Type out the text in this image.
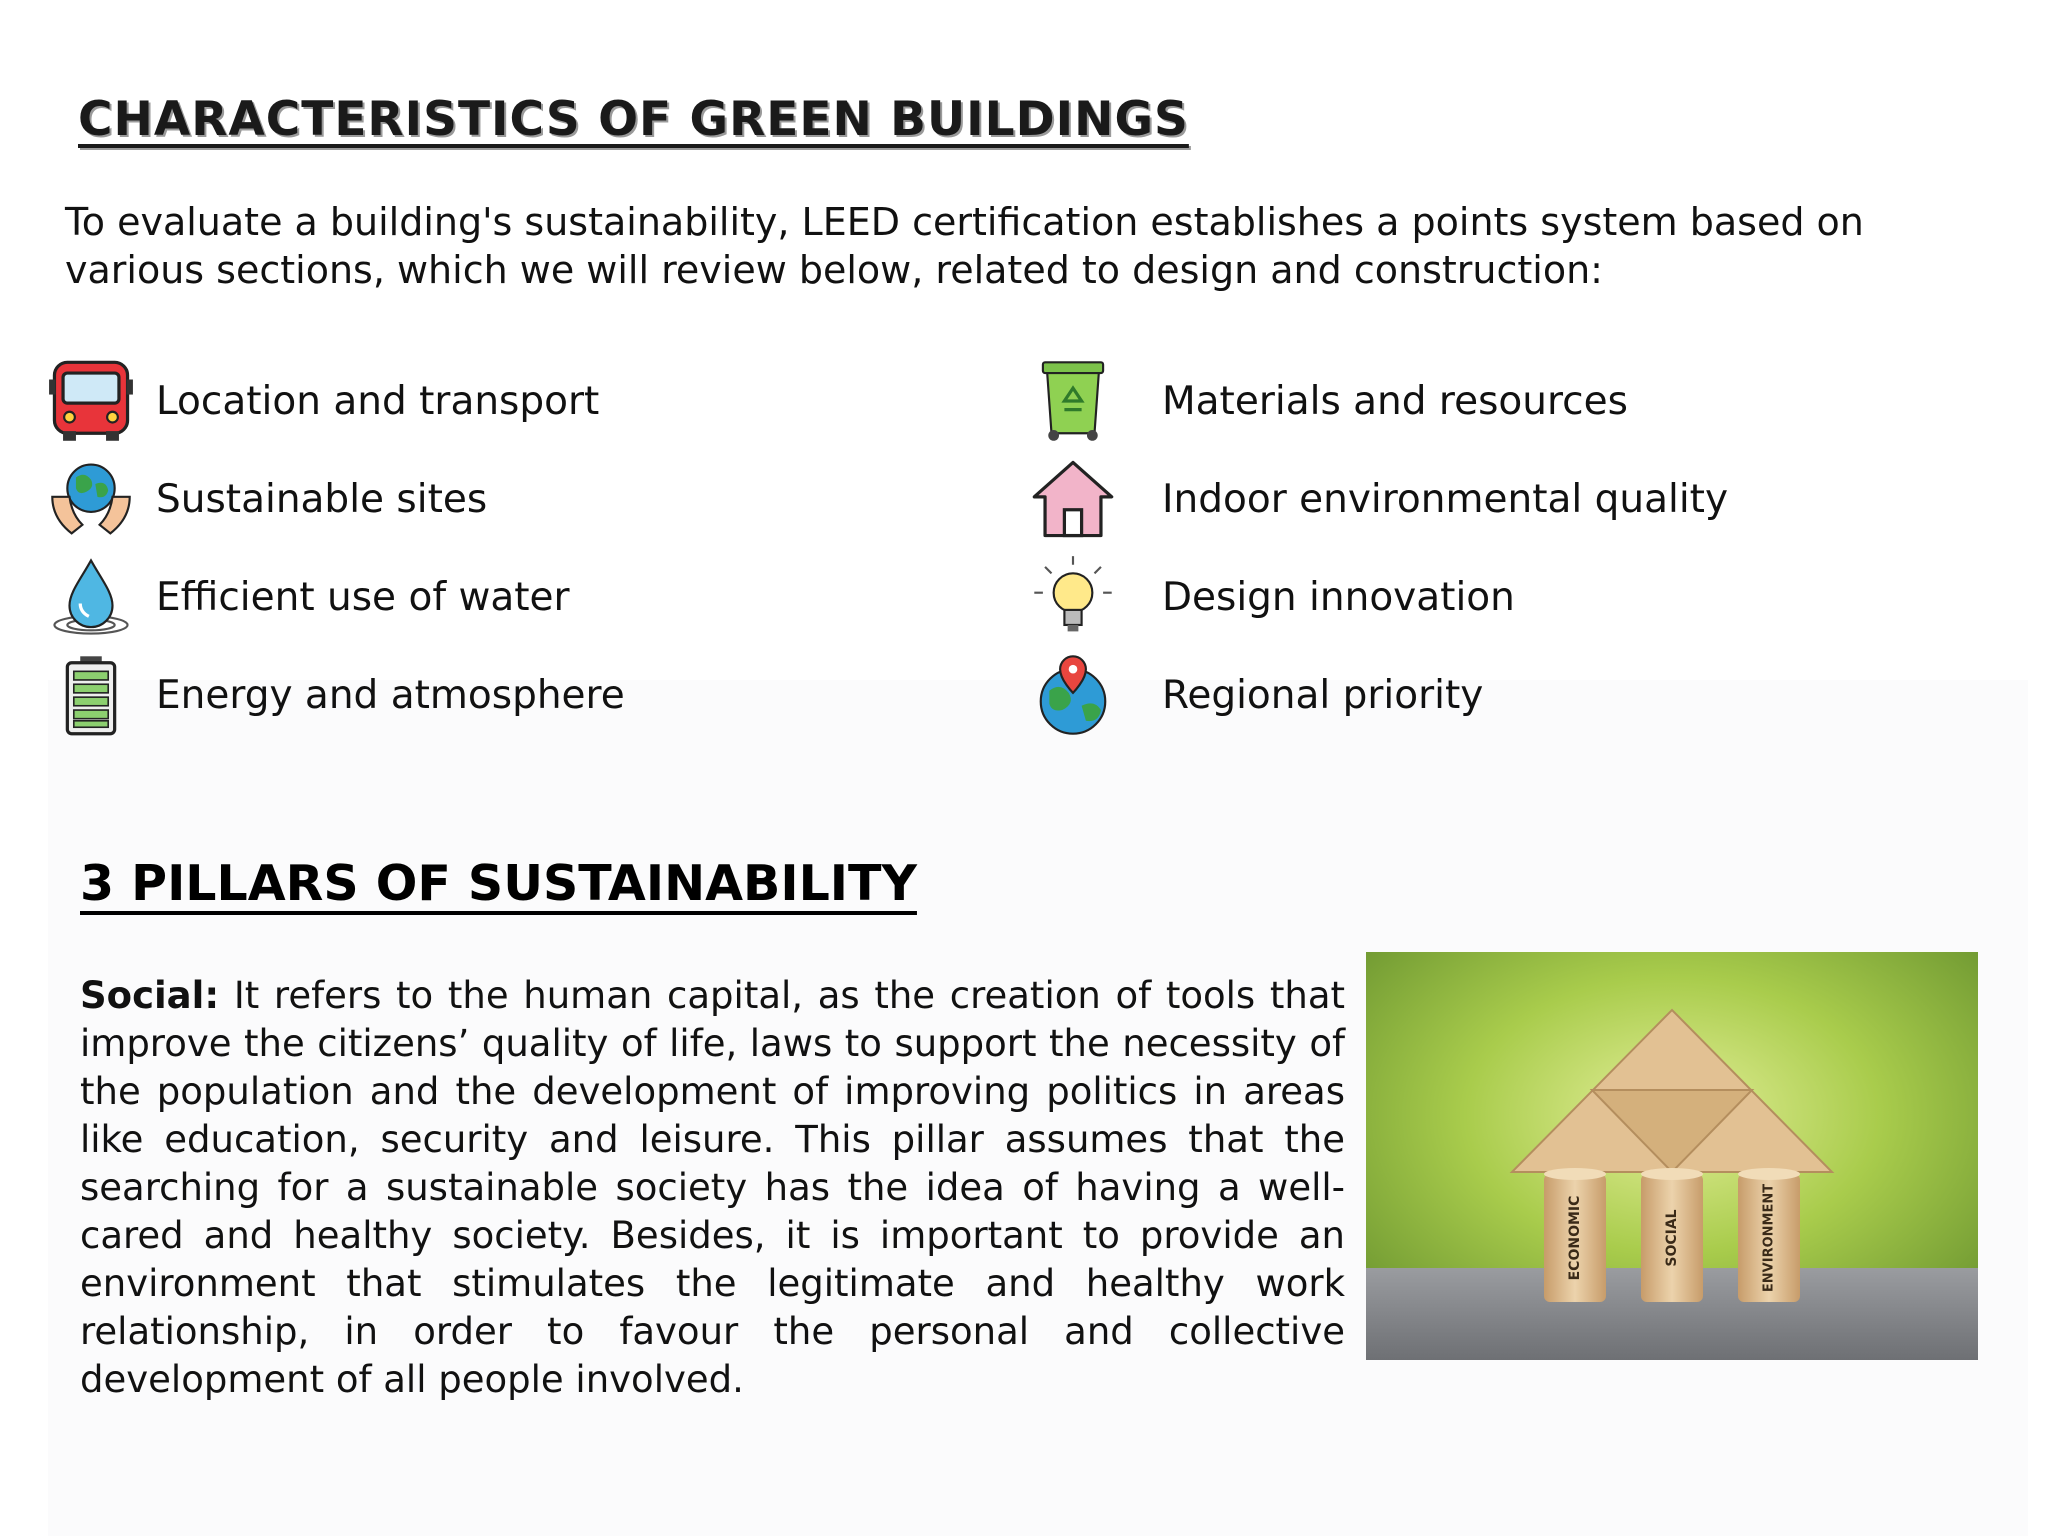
CHARACTERISTICS OF GREEN BUILDINGS

To evaluate a building's sustainability, LEED certification establishes a points system based on various sections, which we will review below, related to design and construction:

Location and transport
Sustainable sites
Efficient use of water
Energy and atmosphere
Materials and resources
Indoor environmental quality
Design innovation
Regional priority
3 PILLARS OF SUSTAINABILITY

Social: It refers to the human capital, as the creation of tools that improve the citizens’ quality of life, laws to support the necessity of the population and the development of improving politics in areas like education, security and leisure. This pillar assumes that the searching for a sustainable society has the idea of having a well-cared and healthy society. Besides, it is important to provide an environment that stimulates the legitimate and healthy work relationship, in order to favour the personal and collective development of all people involved.

ECONOMIC	SOCIAL	ENVIRONMENT
